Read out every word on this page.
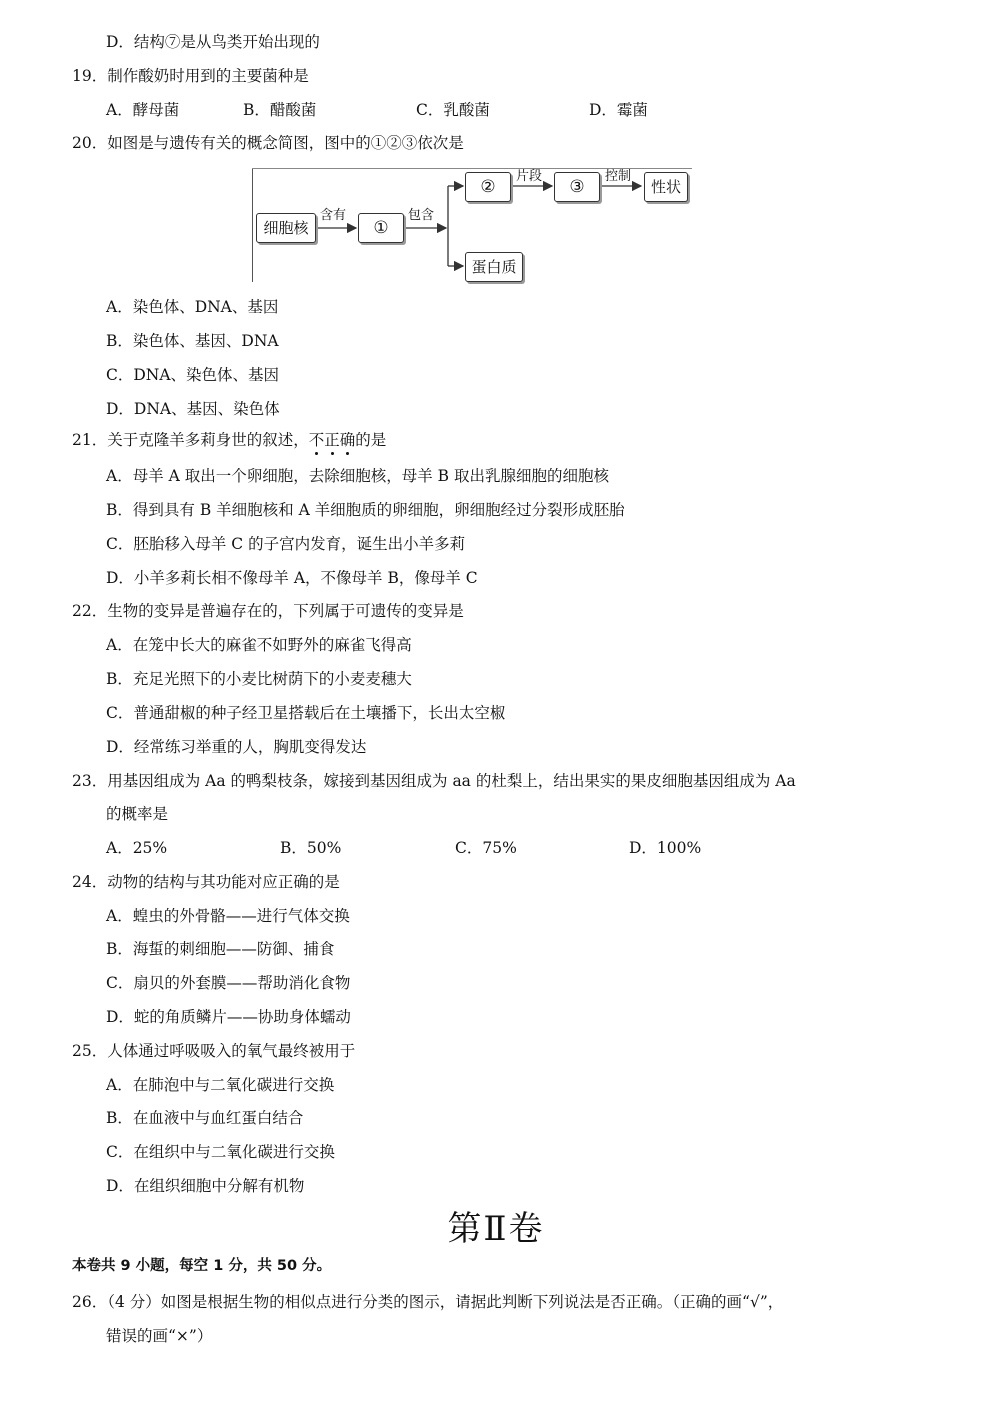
D．结构⑦是从鸟类开始出现的
19．制作酸奶时用到的主要菌种是
A．酵母菌	B．醋酸菌	C．乳酸菌	D．霉菌
20．如图是与遗传有关的概念简图，图中的①②③依次是
细胞核	①
②	③	性状
蛋白质
含有	包含
片段	控制
A．染色体、DNA、基因
B．染色体、基因、DNA
C．DNA、染色体、基因
D．DNA、基因、染色体
21．关于克隆羊多莉身世的叙述，不正确的是
A．母羊 A 取出一个卵细胞，去除细胞核，母羊 B 取出乳腺细胞的细胞核
B．得到具有 B 羊细胞核和 A 羊细胞质的卵细胞，卵细胞经过分裂形成胚胎
C．胚胎移入母羊 C 的子宫内发育，诞生出小羊多莉
D．小羊多莉长相不像母羊 A，不像母羊 B，像母羊 C
22．生物的变异是普遍存在的，下列属于可遗传的变异是
A．在笼中长大的麻雀不如野外的麻雀飞得高
B．充足光照下的小麦比树荫下的小麦麦穗大
C．普通甜椒的种子经卫星搭载后在土壤播下，长出太空椒
D．经常练习举重的人，胸肌变得发达
23．用基因组成为 Aa 的鸭梨枝条，嫁接到基因组成为 aa 的杜梨上，结出果实的果皮细胞基因组成为 Aa
的概率是
A．25%	B．50%	C．75%	D．100%
24．动物的结构与其功能对应正确的是
A．蝗虫的外骨骼——进行气体交换
B．海蜇的刺细胞——防御、捕食
C．扇贝的外套膜——帮助消化食物
D．蛇的角质鳞片——协助身体蠕动
25．人体通过呼吸吸入的氧气最终被用于
A．在肺泡中与二氧化碳进行交换
B．在血液中与血红蛋白结合
C．在组织中与二氧化碳进行交换
D．在组织细胞中分解有机物
第Ⅱ卷
本卷共 9 小题，每空 1 分，共 50 分。
26．（4 分）如图是根据生物的相似点进行分类的图示，请据此判断下列说法是否正确。（正确的画“√”，
错误的画“×”）
